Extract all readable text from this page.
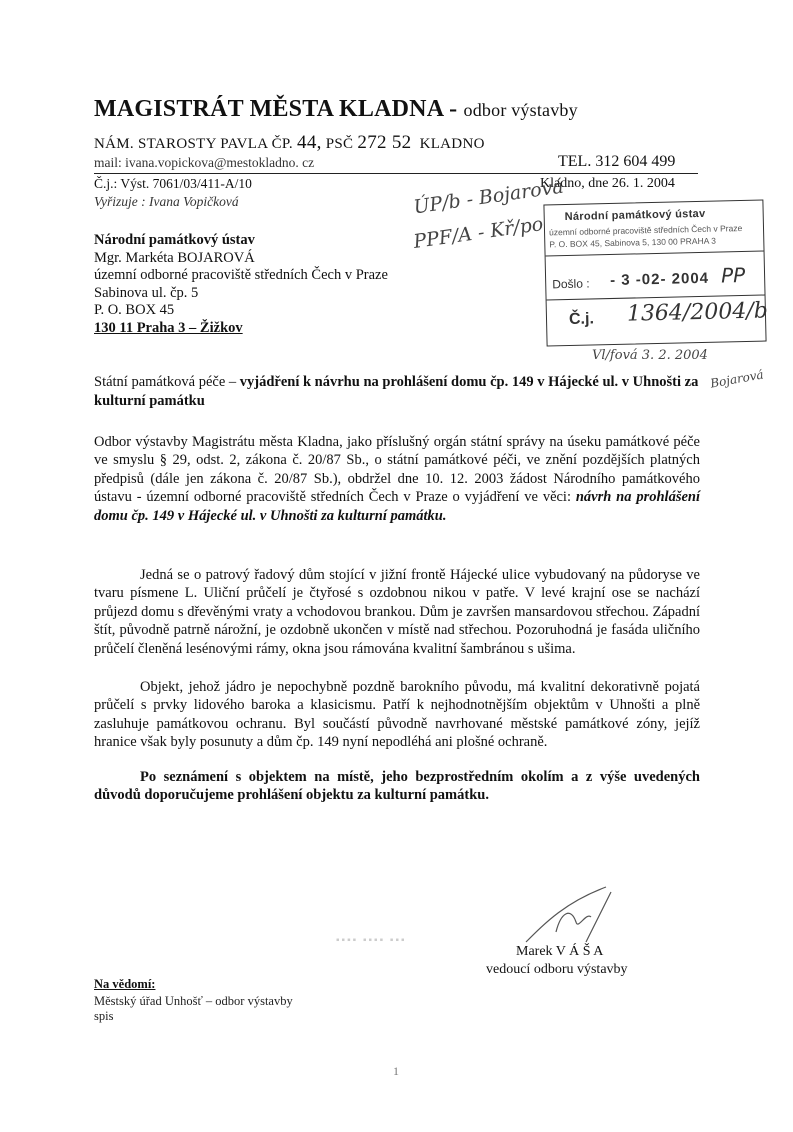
MAGISTRÁT MĚSTA KLADNA - odbor výstavby
NÁM. STAROSTY PAVLA ČP. 44, PSČ 272 52 KLADNO
mail: ivana.vopickova@mestokladno. cz	TEL. 312 604 499
Č.j.: Výst. 7061/03/411-A/10
Vyřizuje : Ivana Vopičková
Kladno, dne 26. 1. 2004
ÚP/b - Bojarová
PPF/A - Kř/po
Národní památkový ústav
Mgr. Markéta BOJAROVÁ
územní odborné pracoviště středních Čech v Praze
Sabinova ul. čp. 5
P. O. BOX 45
130 11 Praha 3 – Žižkov
Národní památkový ústav
územní odborné pracoviště středních Čech v Praze
P. O. BOX 45, Sabinova 5, 130 00 PRAHA 3
Došlo : - 3 -02- 2004 PP
Č.j. 1364/2004/b
Vl/fová 3. 2. 2004
Bojarová
Státní památková péče – vyjádření k návrhu na prohlášení domu čp. 149 v Hájecké ul. v Uhnošti za kulturní památku
Odbor výstavby Magistrátu města Kladna, jako příslušný orgán státní správy na úseku památkové péče ve smyslu § 29, odst. 2, zákona č. 20/87 Sb., o státní památkové péči, ve znění pozdějších platných předpisů (dále jen zákona č. 20/87 Sb.), obdržel dne 10. 12. 2003 žádost Národního památkového ústavu - územní odborné pracoviště středních Čech v Praze o vyjádření ve věci: návrh na prohlášení domu čp. 149 v Hájecké ul. v Uhnošti za kulturní památku.
Jedná se o patrový řadový dům stojící v jižní frontě Hájecké ulice vybudovaný na půdoryse ve tvaru písmene L. Uliční průčelí je čtyřosé s ozdobnou nikou v patře. V levé krajní ose se nachází průjezd domu s dřevěnými vraty a vchodovou brankou. Dům je završen mansardovou střechou. Západní štít, původně patrně nárožní, je ozdobně ukončen v místě nad střechou. Pozoruhodná je fasáda uličního průčelí členěná lesénovými rámy, okna jsou rámována kvalitní šambránou s ušima.
Objekt, jehož jádro je nepochybně pozdně barokního původu, má kvalitní dekorativně pojatá průčelí s prvky lidového baroka a klasicismu. Patří k nejhodnotnějším objektům v Uhnošti a plně zasluhuje památkovou ochranu. Byl součástí původně navrhované městské památkové zóny, jejíž hranice však byly posunuty a dům čp. 149 nyní nepodléhá ani plošné ochraně.
Po seznámení s objektem na místě, jeho bezprostředním okolím a z výše uvedených důvodů doporučujeme prohlášení objektu za kulturní památku.
▪▪▪▪ ▪▪▪▪ ▪▪▪
Marek V Á Š A
vedoucí odboru výstavby
Na vědomí:
Městský úřad Unhošť – odbor výstavby
spis
1
